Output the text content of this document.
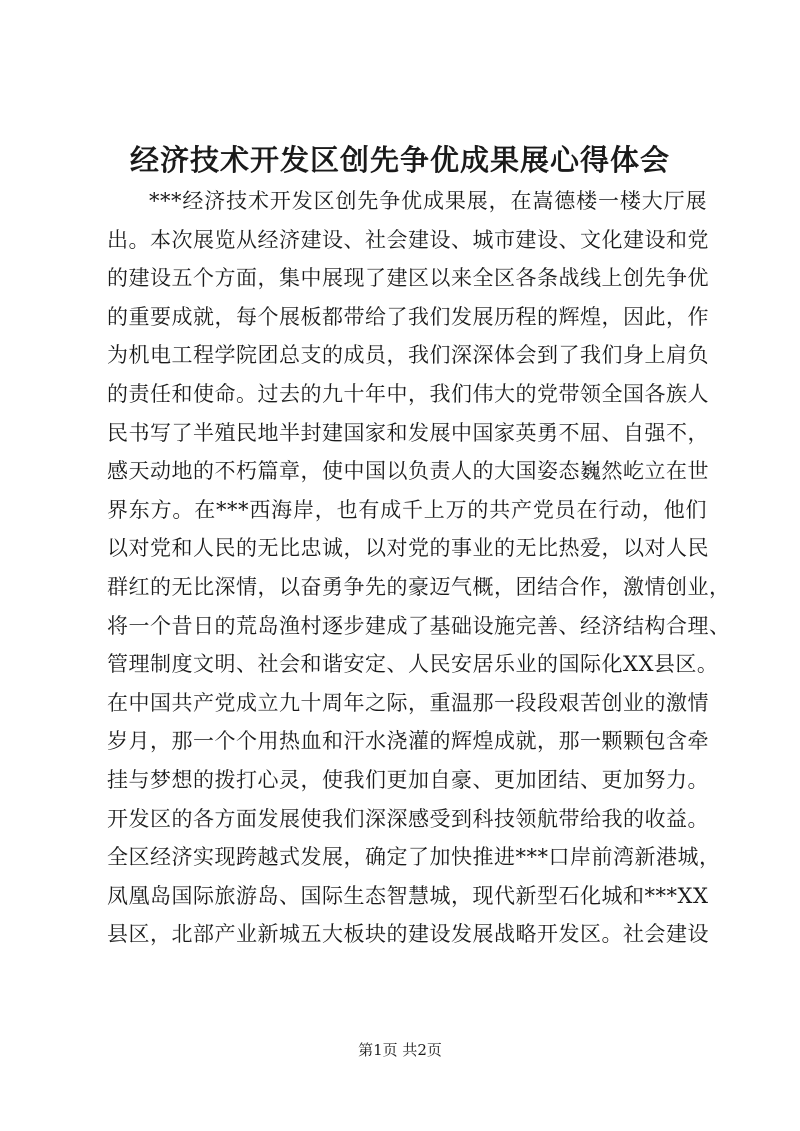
经济技术开发区创先争优成果展心得体会
***经济技术开发区创先争优成果展，在嵩德楼一楼大厅展
出。本次展览从经济建设、社会建设、城市建设、文化建设和党
的建设五个方面，集中展现了建区以来全区各条战线上创先争优
的重要成就，每个展板都带给了我们发展历程的辉煌，因此，作
为机电工程学院团总支的成员，我们深深体会到了我们身上肩负
的责任和使命。过去的九十年中，我们伟大的党带领全国各族人
民书写了半殖民地半封建国家和发展中国家英勇不屈、自强不，
感天动地的不朽篇章，使中国以负责人的大国姿态巍然屹立在世
界东方。在***西海岸，也有成千上万的共产党员在行动，他们
以对党和人民的无比忠诚，以对党的事业的无比热爱，以对人民
群红的无比深情，以奋勇争先的豪迈气概，团结合作，激情创业，
将一个昔日的荒岛渔村逐步建成了基础设施完善、经济结构合理、
管理制度文明、社会和谐安定、人民安居乐业的国际化XX县区。
在中国共产党成立九十周年之际，重温那一段段艰苦创业的激情
岁月，那一个个用热血和汗水浇灌的辉煌成就，那一颗颗包含牵
挂与梦想的拨打心灵，使我们更加自豪、更加团结、更加努力。
开发区的各方面发展使我们深深感受到科技领航带给我的收益。
全区经济实现跨越式发展，确定了加快推进***口岸前湾新港城，
凤凰岛国际旅游岛、国际生态智慧城，现代新型石化城和***XX
县区，北部产业新城五大板块的建设发展战略开发区。社会建设
第1页 共2页
